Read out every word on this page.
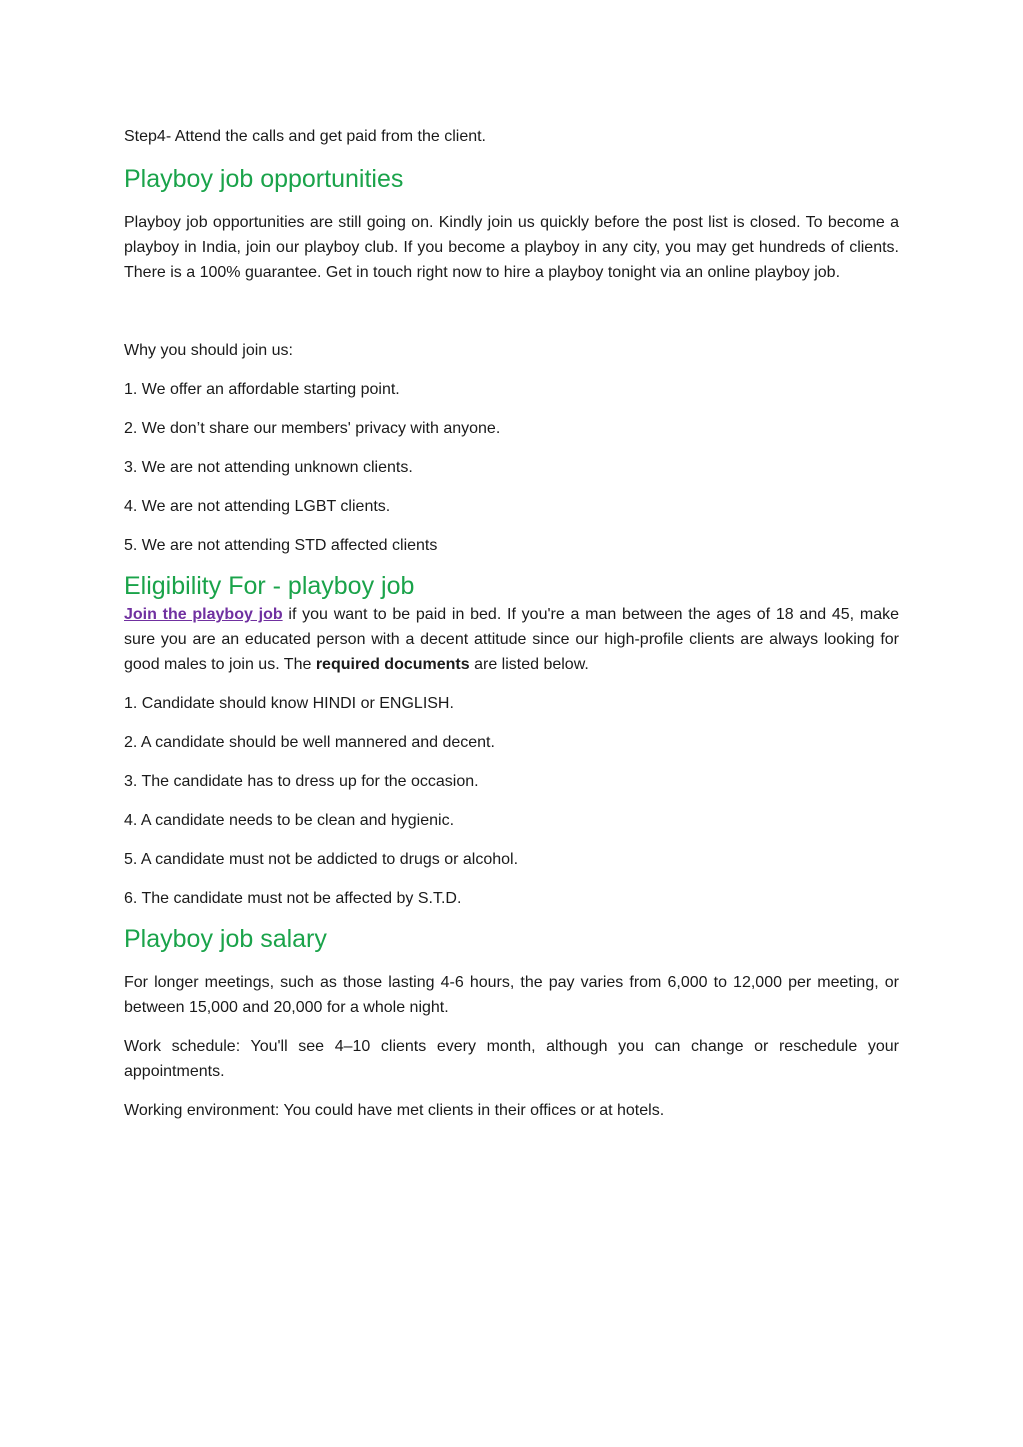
Step4- Attend the calls and get paid from the client.

Playboy job opportunities

Playboy job opportunities are still going on. Kindly join us quickly before the post list is closed. To become a playboy in India, join our playboy club. If you become a playboy in any city, you may get hundreds of clients. There is a 100% guarantee. Get in touch right now to hire a playboy tonight via an online playboy job.

Why you should join us:

1. We offer an affordable starting point.

2. We don’t share our members' privacy with anyone.

3. We are not attending unknown clients.

4. We are not attending LGBT clients.

5. We are not attending STD affected clients

Eligibility For - playboy job

Join the playboy job if you want to be paid in bed. If you're a man between the ages of 18 and 45, make sure you are an educated person with a decent attitude since our high-profile clients are always looking for good males to join us. The required documents are listed below.

1. Candidate should know HINDI or ENGLISH.

2. A candidate should be well mannered and decent.

3. The candidate has to dress up for the occasion.

4. A candidate needs to be clean and hygienic.

5. A candidate must not be addicted to drugs or alcohol.

6. The candidate must not be affected by S.T.D.

Playboy job salary

For longer meetings, such as those lasting 4-6 hours, the pay varies from 6,000 to 12,000 per meeting, or between 15,000 and 20,000 for a whole night.

Work schedule: You'll see 4–10 clients every month, although you can change or reschedule your appointments.

Working environment: You could have met clients in their offices or at hotels.
